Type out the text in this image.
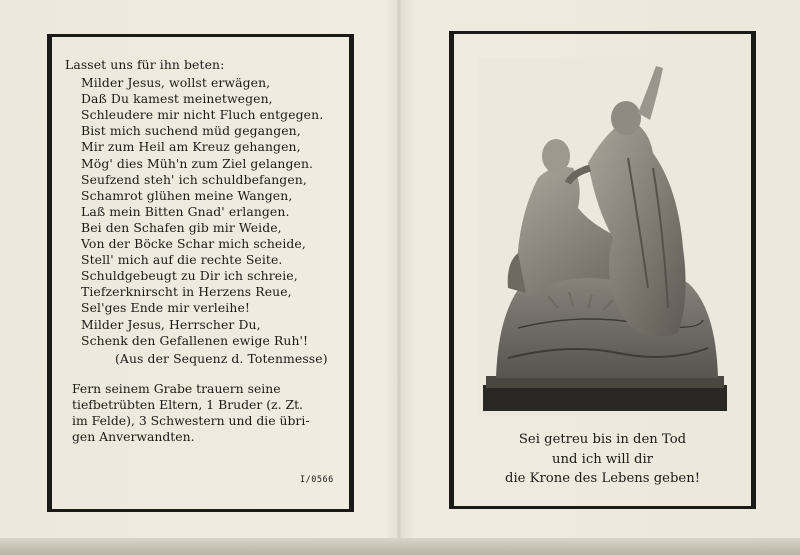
Lasset uns für ihn beten:
Milder Jesus, wollst erwägen,
Daß Du kamest meinetwegen,
Schleudere mir nicht Fluch entgegen.
Bist mich suchend müd gegangen,
Mir zum Heil am Kreuz gehangen,
Mög' dies Müh'n zum Ziel gelangen.
Seufzend steh' ich schuldbefangen,
Schamrot glühen meine Wangen,
Laß mein Bitten Gnad' erlangen.
Bei den Schafen gib mir Weide,
Von der Böcke Schar mich scheide,
Stell' mich auf die rechte Seite.
Schuldgebeugt zu Dir ich schreie,
Tiefzerknirscht in Herzens Reue,
Sel'ges Ende mir verleihe!
Milder Jesus, Herrscher Du,
Schenk den Gefallenen ewige Ruh'!
(Aus der Sequenz d. Totenmesse)
Fern seinem Grabe trauern seine
tiefbetrübten Eltern, 1 Bruder (z. Zt.
im Felde), 3 Schwestern und die übri-
gen Anverwandten.
I/0566
Sei getreu bis in den Tod
und ich will dir
die Krone des Lebens geben!
